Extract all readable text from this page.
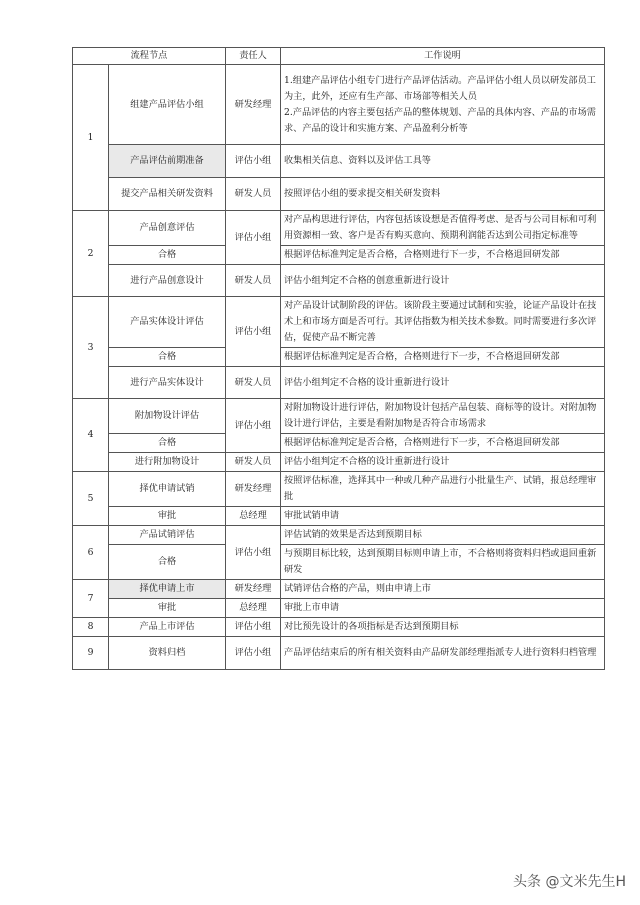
流程节点		责任人	工作说明
1	组建产品评估小组	研发经理	1.组建产品评估小组专门进行产品评估活动。产品评估小组人员以研发部员工为主，此外，还应有生产部、市场部等相关人员
2.产品评估的内容主要包括产品的整体规划、产品的具体内容、产品的市场需求、产品的设计和实施方案、产品盈利分析等
	产品评估前期准备	评估小组	收集相关信息、资料以及评估工具等
	提交产品相关研发资料	研发人员	按照评估小组的要求提交相关研发资料
2	产品创意评估	评估小组	对产品构思进行评估，内容包括该设想是否值得考虑、是否与公司目标和可利用资源相一致、客户是否有购买意向、预期利润能否达到公司指定标准等
	合格		根据评估标准判定是否合格，合格则进行下一步，不合格退回研发部
	进行产品创意设计	研发人员	评估小组判定不合格的创意重新进行设计
3	产品实体设计评估	评估小组	对产品设计试制阶段的评估。该阶段主要通过试制和实验，论证产品设计在技术上和市场方面是否可行。其评估指数为相关技术参数。同时需要进行多次评估，促使产品不断完善
	合格		根据评估标准判定是否合格，合格则进行下一步，不合格退回研发部
	进行产品实体设计	研发人员	评估小组判定不合格的设计重新进行设计
4	附加物设计评估	评估小组	对附加物设计进行评估，附加物设计包括产品包装、商标等的设计。对附加物设计进行评估，主要是看附加物是否符合市场需求
	合格		根据评估标准判定是否合格，合格则进行下一步，不合格退回研发部
	进行附加物设计	研发人员	评估小组判定不合格的设计重新进行设计
5	择优申请试销	研发经理	按照评估标准，选择其中一种或几种产品进行小批量生产、试销，报总经理审批
	审批	总经理	审批试销申请
6	产品试销评估	评估小组	评估试销的效果是否达到预期目标
	合格		与预期目标比较，达到预期目标则申请上市，不合格则将资料归档或退回重新研发
7	择优申请上市	研发经理	试销评估合格的产品，则由申请上市
	审批	总经理	审批上市申请
8	产品上市评估	评估小组	对比预先设计的各项指标是否达到预期目标
9	资料归档	评估小组	产品评估结束后的所有相关资料由产品研发部经理指派专人进行资料归档管理
头条 @文米先生H
